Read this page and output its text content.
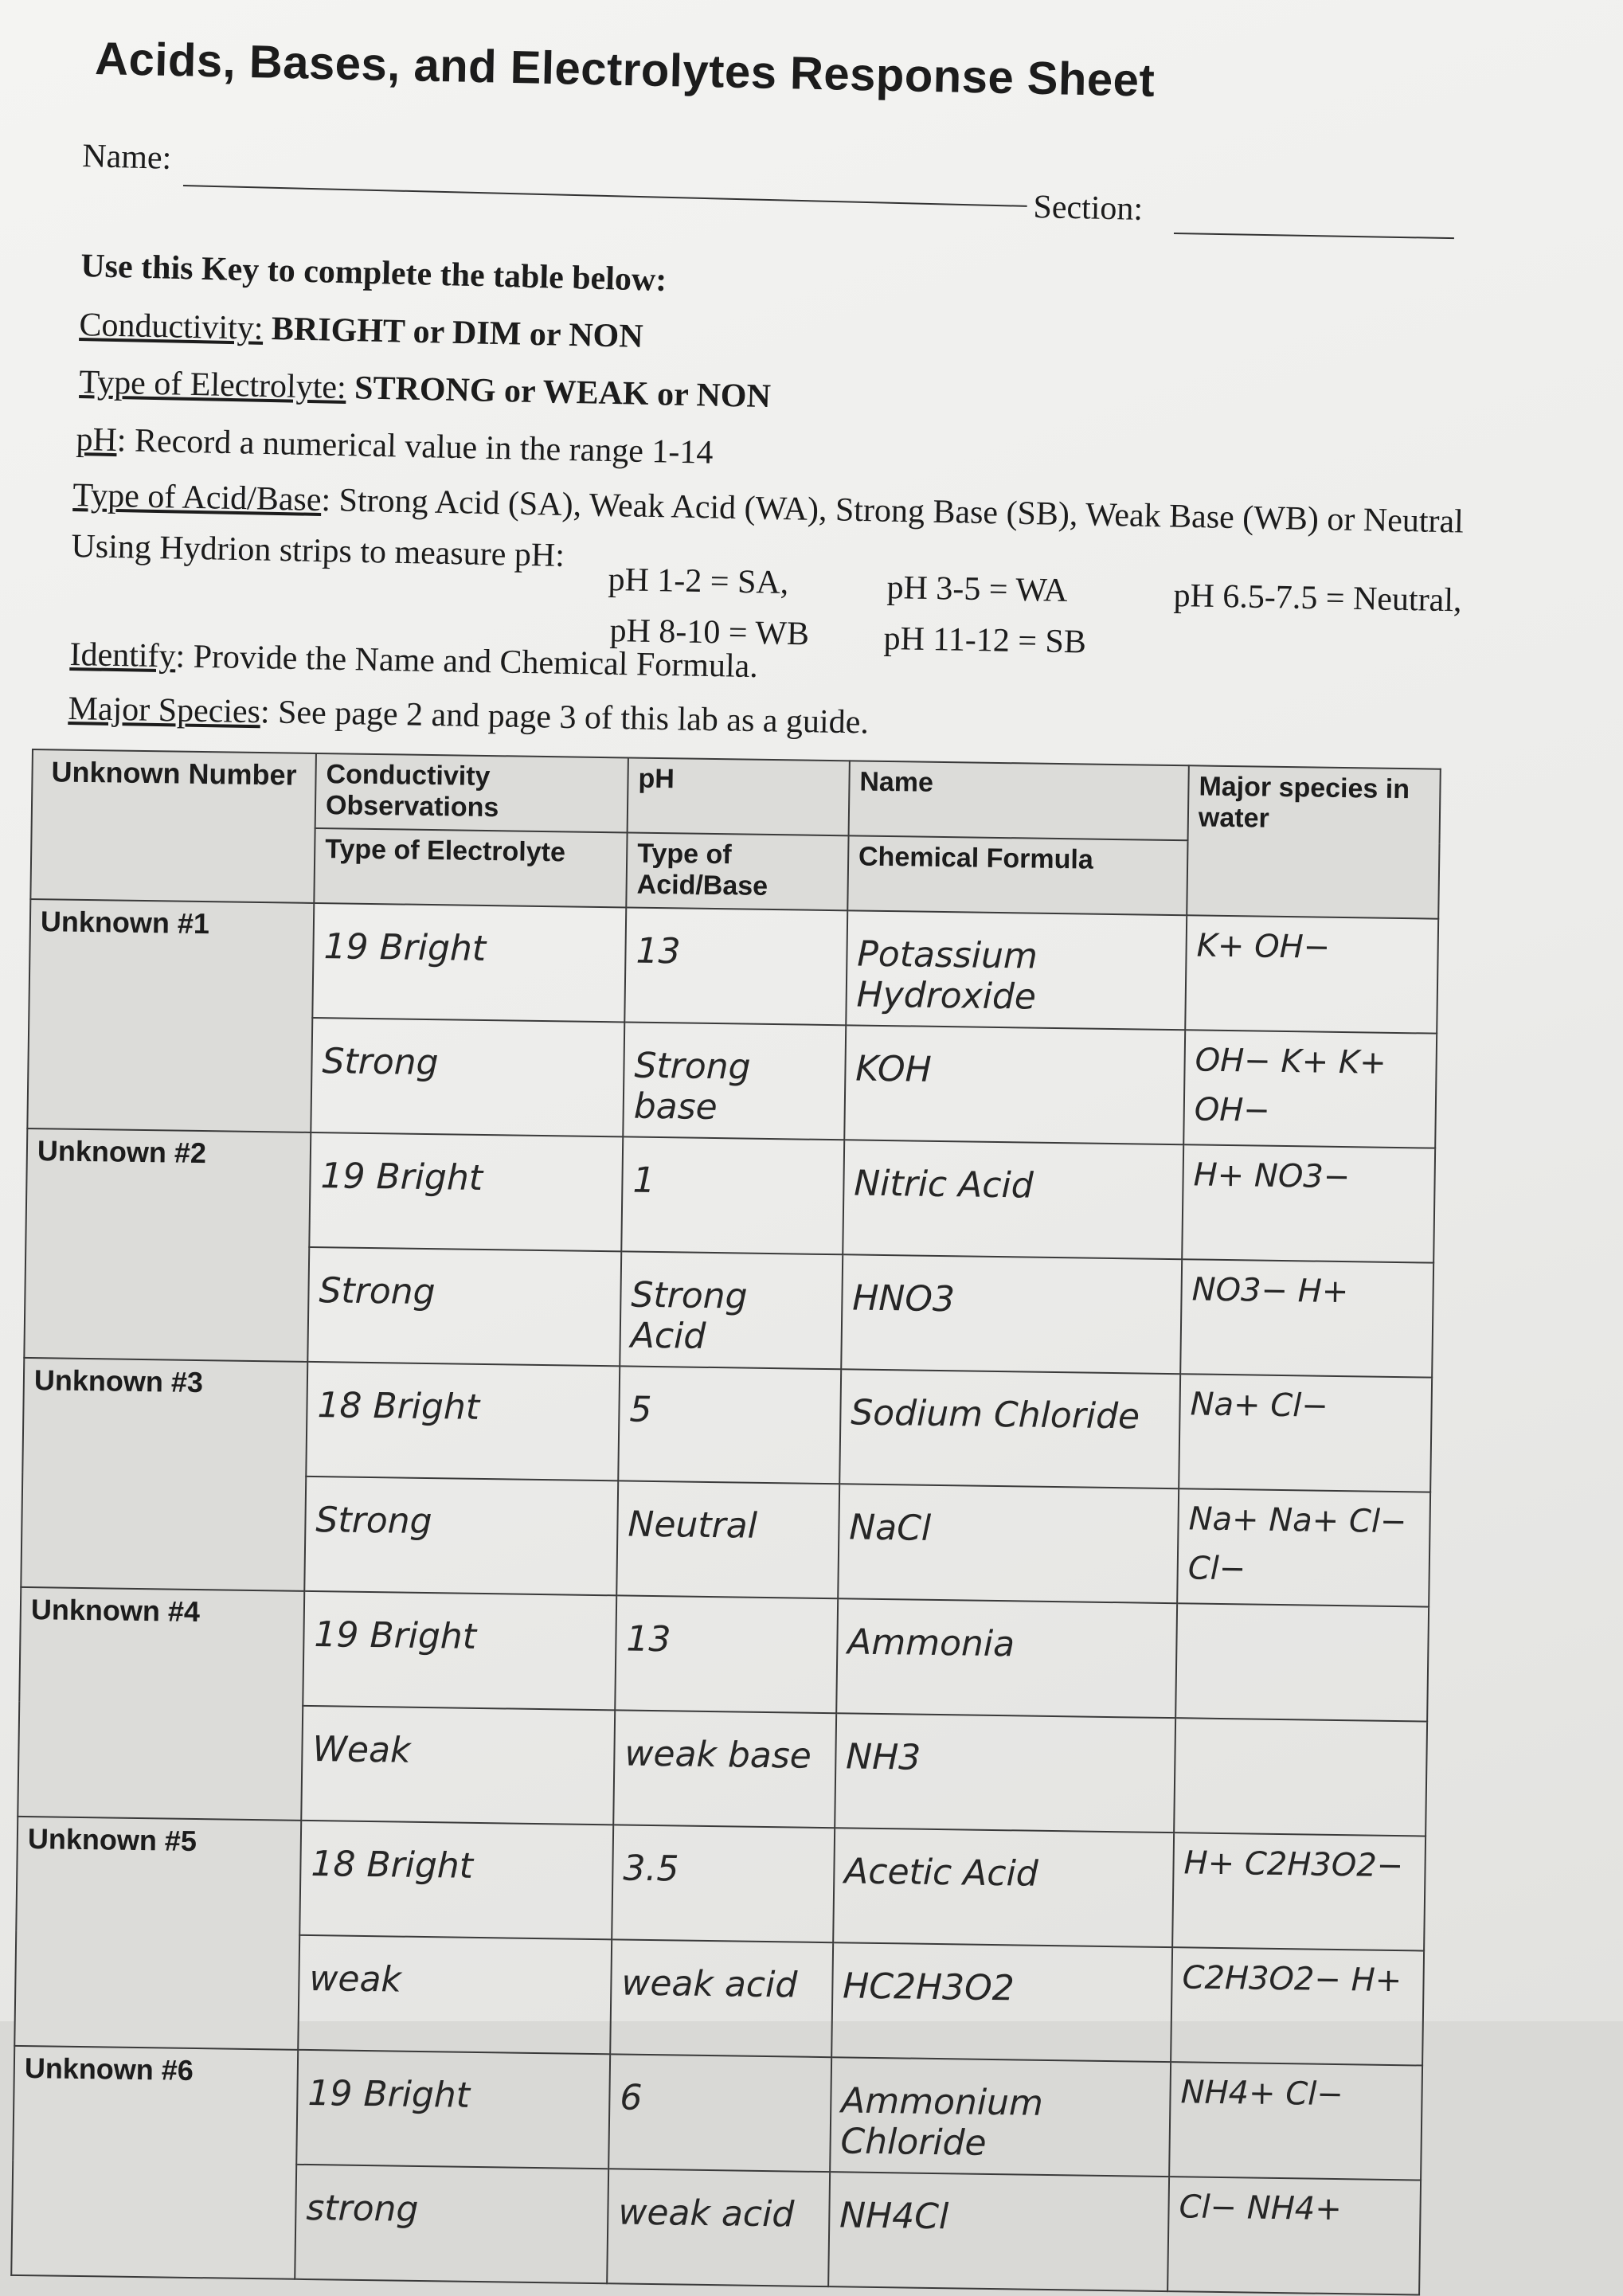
Acids, Bases, and Electrolytes Response Sheet
Name:
Section:
Use this Key to complete the table below:
Conductivity: BRIGHT or DIM or NON
Type of Electrolyte: STRONG or WEAK or NON
pH: Record a numerical value in the range 1-14
Type of Acid/Base: Strong Acid (SA), Weak Acid (WA), Strong Base (SB), Weak Base (WB) or Neutral
Using Hydrion strips to measure pH:
pH 1-2 = SA,	pH 3-5 = WA	pH 6.5-7.5 = Neutral,
pH 8-10 = WB pH 11-12 = SB
Identify: Provide the Name and Chemical Formula.
Major Species: See page 2 and page 3 of this lab as a guide.
Unknown Number	Conductivity Observations	pH	Name	Major species in water
	Type of Electrolyte	Type of Acid/Base	Chemical Formula	
Unknown #1	19 Bright	13	Potassium Hydroxide	K+ OH−
	Strong	Strong base	KOH	OH− K+ K+ OH−
Unknown #2	19 Bright	1	Nitric Acid	H+ NO3−
	Strong	Strong Acid	HNO3	NO3− H+
Unknown #3	18 Bright	5	Sodium Chloride	Na+ Cl−
	Strong	Neutral	NaCl	Na+ Na+ Cl− Cl−
Unknown #4	19 Bright	13	Ammonia	
	Weak	weak base	NH3	
Unknown #5	18 Bright	3.5	Acetic Acid	H+ C2H3O2−
	weak	weak acid	HC2H3O2	C2H3O2− H+
Unknown #6	19 Bright	6	Ammonium Chloride	NH4+ Cl−
	strong	weak acid	NH4Cl	Cl− NH4+
